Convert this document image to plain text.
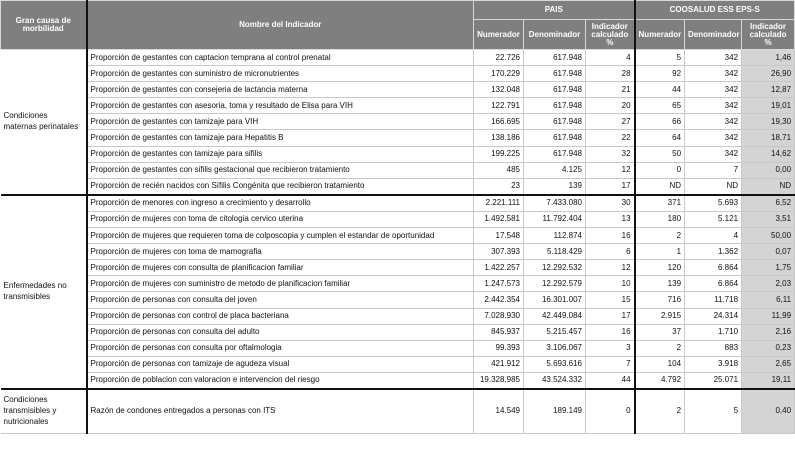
Gran causa de morbilidad	Nombre del Indicador	PAIS			COOSALUD ESS EPS-S		
		Numerador	Denominador	Indicador calculado %	Numerador	Denominador	Indicador calculado %
Condiciones maternas perinatales	Proporción de gestantes con captacion temprana al control prenatal	22.726	617.948	4	5	342	1,46
	Proporción de gestantes con suministro de micronutrientes	170.229	617.948	28	92	342	26,90
	Proporción de gestantes con consejeria de lactancia materna	132.048	617.948	21	44	342	12,87
	Proporción de gestantes con asesoria, toma y resultado de Elisa para VIH	122.791	617.948	20	65	342	19,01
	Proporción de gestantes con tamizaje para VIH	166.695	617.948	27	66	342	19,30
	Proporción de gestantes con tamizaje para Hepatitis B	138.186	617.948	22	64	342	18,71
	Proporción de gestantes con tamizaje para sifilis	199.225	617.948	32	50	342	14,62
	Proporción de gestantes con sifilis gestacional que recibieron tratamiento	485	4.125	12	0	7	0,00
	Proporción de recién nacidos con Sífilis Congénita que recibieron tratamiento	23	139	17	ND	ND	ND
Enfermedades no transmisibles	Proporción de menores con ingreso a crecimiento y desarrollo	2.221.111	7.433.080	30	371	5.693	6,52
	Proporción de mujeres con toma de citologia cervico uterina	1.492.581	11.792.404	13	180	5.121	3,51
	Proporción de mujeres que requieren toma de colposcopia y cumplen el estandar de oportunidad	17.548	112.874	16	2	4	50,00
	Proporción de mujeres con toma de mamografia	307.393	5.118.429	6	1	1.362	0,07
	Proporción de mujeres con consulta de planificacion familiar	1.422.257	12.292.532	12	120	6.864	1,75
	Proporción de mujeres con suministro de metodo de planificacion familiar	1.247.573	12.292.579	10	139	6.864	2,03
	Proporción de personas con consulta del joven	2.442.354	16.301.007	15	716	11.718	6,11
	Proporción de personas con control de placa bacteriana	7.028.930	42.449.084	17	2.915	24.314	11,99
	Proporción de personas con consulta del adulto	845.937	5.215.457	16	37	1.710	2,16
	Proporción de personas con consulta por oftalmologia	99.393	3.106.067	3	2	883	0,23
	Proporción de personas con tamizaje de agudeza visual	421.912	5.693.616	7	104	3.918	2,65
	Proporción de poblacion con valoracion e intervencion del riesgo	19.328.985	43.524.332	44	4.792	25.071	19,11
Condiciones transmisibles y nutricionales	Razón de condones entregados a personas con ITS	14.549	189.149	0	2	5	0,40
